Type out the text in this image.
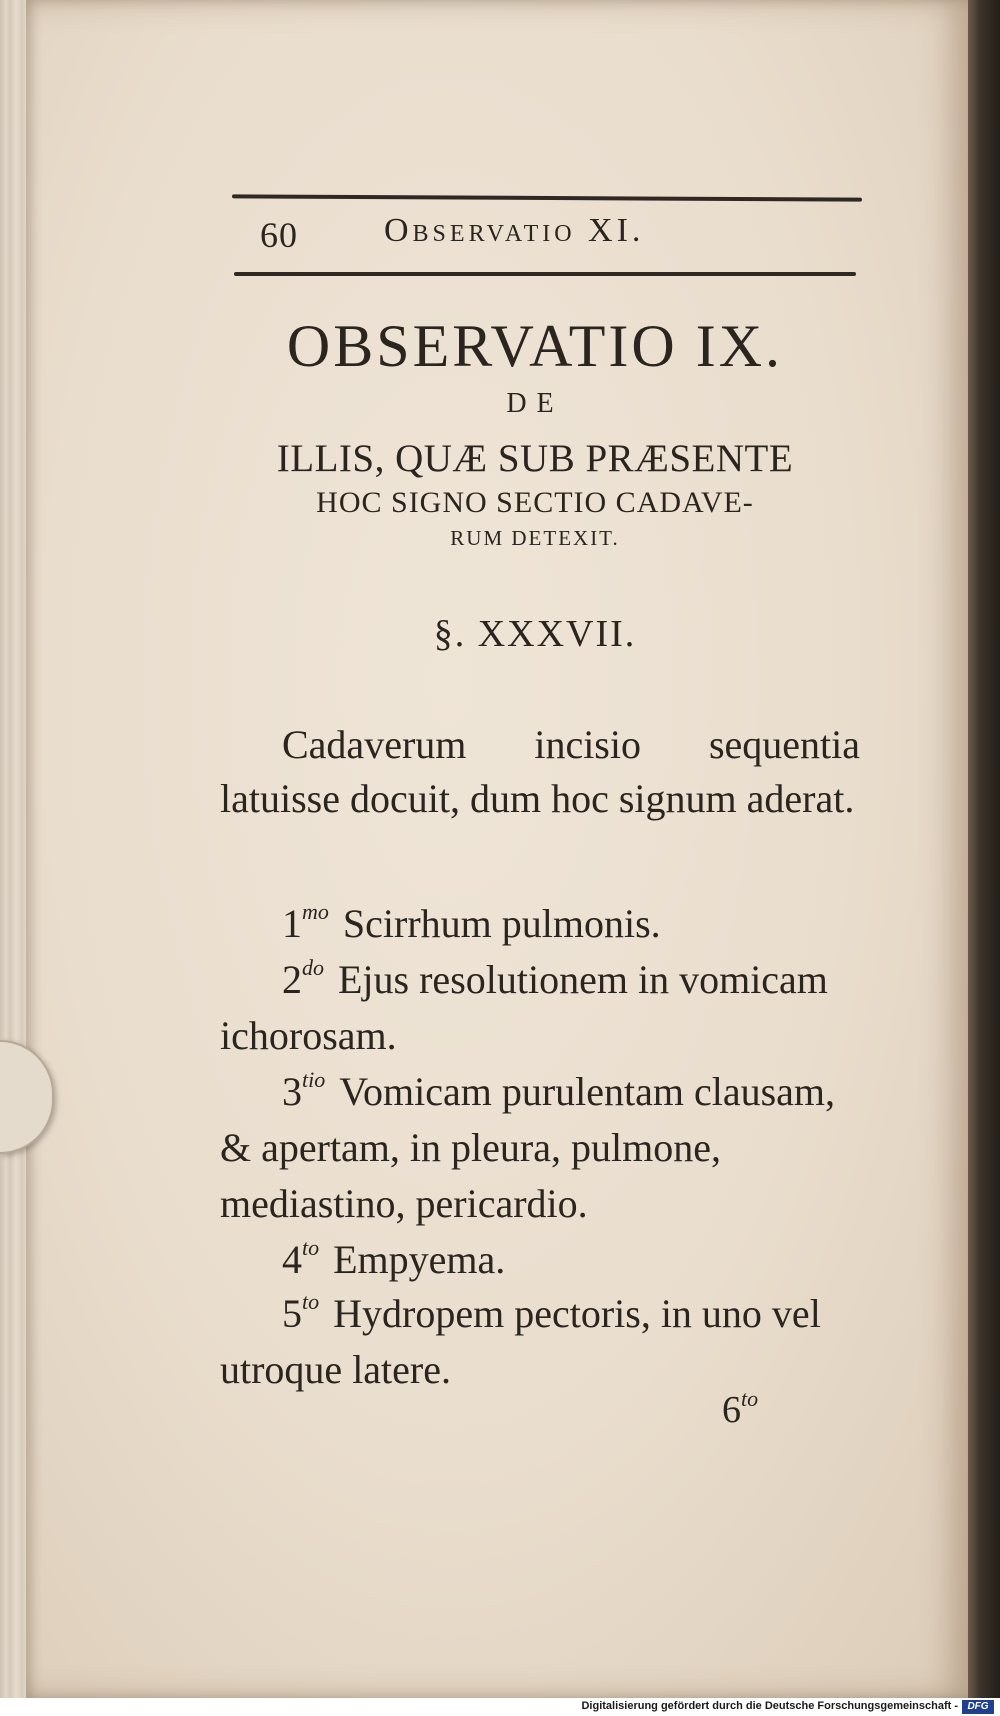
60	Observatio XI.
OBSERVATIO IX.
DE
ILLIS, QUÆ SUB PRÆSENTE
HOC SIGNO SECTIO CADAVE-
RUM DETEXIT.
§. XXXVII.
Cadaverum incisio sequentia latuisse docuit, dum hoc signum aderat.
$1^{mo}$ Scirrhum pulmonis.
$2^{do}$ Ejus resolutionem in vomicam ichorosam.
$3^{tio}$ Vomicam purulentam clausam, & apertam, in pleura, pulmone, mediastino, pericardio.
$4^{to}$ Empyema.
$5^{to}$ Hydropem pectoris, in uno vel utroque latere.
$6^{to}$
Digitalisierung gefördert durch die Deutsche Forschungsgemeinschaft - DFG
